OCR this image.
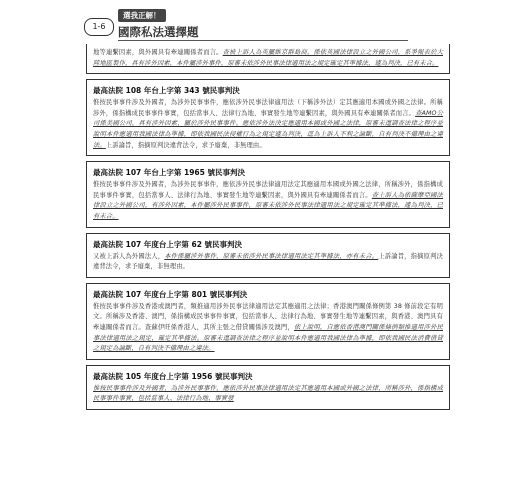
1-6
選我正解！
國際私法選擇題

地等連繫因素，與外國具有牽連關係者而言。查被上訴人為英屬維京群島商，係依英國法律設立之外國公司，系爭報表於大陸地區製作，具有涉外因素，本件屬涉外事件，原審未依涉外民事法律適用法之規定確定其準據法，遽為判決，已有未合。

最高法院 108 年台上字第 343 號民事判決

惟按民事事件涉及外國者，為涉外民事事件，應依涉外民事法律適用法（下稱涉外法）定其應適用本國或外國之法律。所稱涉外，係指構成民事事件事實，包括當事人、法律行為地、事實發生地等連繫因素，與外國具有牽連關係者而言。查AMO公司係美國公司，具有涉外因素，屬於涉外民事事件。應依涉外法決定應適用本國或外國之法律，原審未遑調查法律之程序並說明本件應適用我國法律為準據，即依我國民法侵權行為之規定遽為判決，逕為上訴人不利之論斷，自有判決不備理由之違法。上訴論旨，指摘原判決違背法令，求予廢棄，非無理由。

最高法院 107 年台上字第 1965 號民事判決

惟按民事事件涉及外國者，為涉外民事事件，應依涉外民事法律適用法定其應適用本國或外國之法律，所稱涉外，係指構成民事事件事實，包括當事人、法律行為地、事實發生地等連繫因素，與外國具有牽連關係者而言。查上訴人為依薩摩亞國法律設立之外國公司，有涉外因素，本件屬涉外民事事件，原審未依涉外民事法律適用法之規定確定其準據法，遽為判決，已有未合。

最高法院 107 年度台上字第 62 號民事判決

又被上訴人為外國法人，本件係屬涉外事件，原審未依涉外民事法律適用法定其準據法，亦有未合。上訴論旨，指摘原判決違背法令，求予廢棄，非無理由。

最高法院 107 年度台上字第 801 號民事判決

惟按民事事件涉及香港或澳門者，類推適用涉外民事法律適用法定其應適用之法律；香港澳門關係條例第 38 條前段定有明文。所稱涉及香港、澳門，係指構成民事事件事實，包括當事人、法律行為地、事實發生地等連繫因素，與香港、澳門具有牽連關係者而言。查蘇伊旺係香港人，其所主張之借貸關係涉及澳門，依上說明，自應依香港澳門關係條例類推適用涉外民事法律適用法之規定，確定其準據法。原審未遑調查法律之程序並說明本件應適用我國法律為準據，即依我國民法消費借貸之規定為論斷，自有判決不備理由之違法。

最高法院 105 年度台上字第 1956 號民事判決

惟按民事事件涉及外國者，為涉外民事事件，應依涉外民事法律適用法定其應適用本國或外國之法律，所稱涉外，係指構成民事事件事實，包括當事人、法律行為地、事實發
